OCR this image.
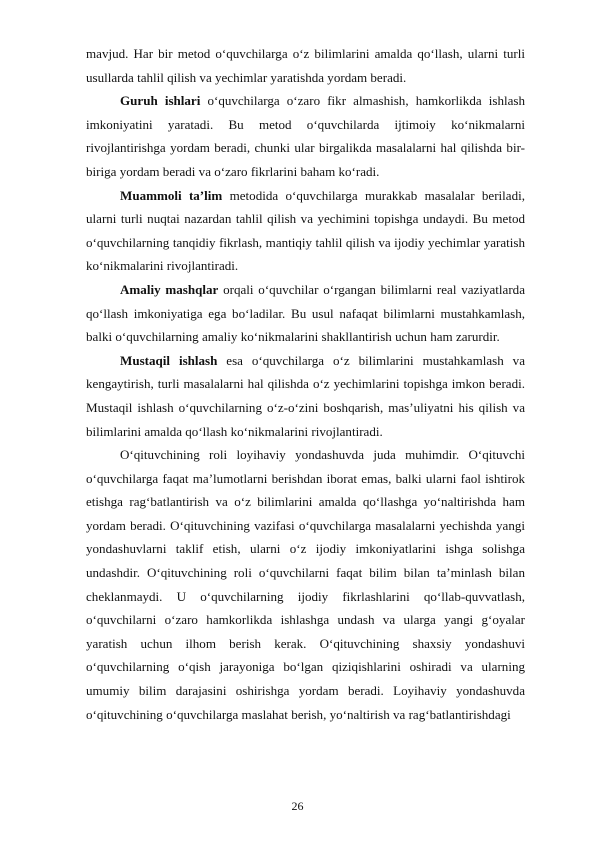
mavjud. Har bir metod o‘quvchilarga o‘z bilimlarini amalda qo‘llash, ularni turli usullarda tahlil qilish va yechimlar yaratishda yordam beradi.

Guruh ishlari o‘quvchilarga o‘zaro fikr almashish, hamkorlikda ishlash imkoniyatini yaratadi. Bu metod o‘quvchilarda ijtimoiy ko‘nikmalarni rivojlantirishga yordam beradi, chunki ular birgalikda masalalarni hal qilishda bir-biriga yordam beradi va o‘zaro fikrlarini baham ko‘radi.

Muammoli ta’lim metodida o‘quvchilarga murakkab masalalar beriladi, ularni turli nuqtai nazardan tahlil qilish va yechimini topishga undaydi. Bu metod o‘quvchilarning tanqidiy fikrlash, mantiqiy tahlil qilish va ijodiy yechimlar yaratish ko‘nikmalarini rivojlantiradi.

Amaliy mashqlar orqali o‘quvchilar o‘rgangan bilimlarni real vaziyatlarda qo‘llash imkoniyatiga ega bo‘ladilar. Bu usul nafaqat bilimlarni mustahkamlash, balki o‘quvchilarning amaliy ko‘nikmalarini shakllantirish uchun ham zarurdir.

Mustaqil ishlash esa o‘quvchilarga o‘z bilimlarini mustahkamlash va kengaytirish, turli masalalarni hal qilishda o‘z yechimlarini topishga imkon beradi. Mustaqil ishlash o‘quvchilarning o‘z-o‘zini boshqarish, mas’uliyatni his qilish va bilimlarini amalda qo‘llash ko‘nikmalarini rivojlantiradi.

O‘qituvchining roli loyihaviy yondashuvda juda muhimdir. O‘qituvchi o‘quvchilarga faqat ma’lumotlarni berishdan iborat emas, balki ularni faol ishtirok etishga rag‘batlantirish va o‘z bilimlarini amalda qo‘llashga yo‘naltirishda ham yordam beradi. O‘qituvchining vazifasi o‘quvchilarga masalalarni yechishda yangi yondashuvlarni taklif etish, ularni o‘z ijodiy imkoniyatlarini ishga solishga undashdir. O‘qituvchining roli o‘quvchilarni faqat bilim bilan ta’minlash bilan cheklanmaydi. U o‘quvchilarning ijodiy fikrlashlarini qo‘llab-quvvatlash, o‘quvchilarni o‘zaro hamkorlikda ishlashga undash va ularga yangi g‘oyalar yaratish uchun ilhom berish kerak. O‘qituvchining shaxsiy yondashuvi o‘quvchilarning o‘qish jarayoniga bo‘lgan qiziqishlarini oshiradi va ularning umumiy bilim darajasini oshirishga yordam beradi. Loyihaviy yondashuvda o‘qituvchining o‘quvchilarga maslahat berish, yo‘naltirish va rag‘batlantirishdagi

26
